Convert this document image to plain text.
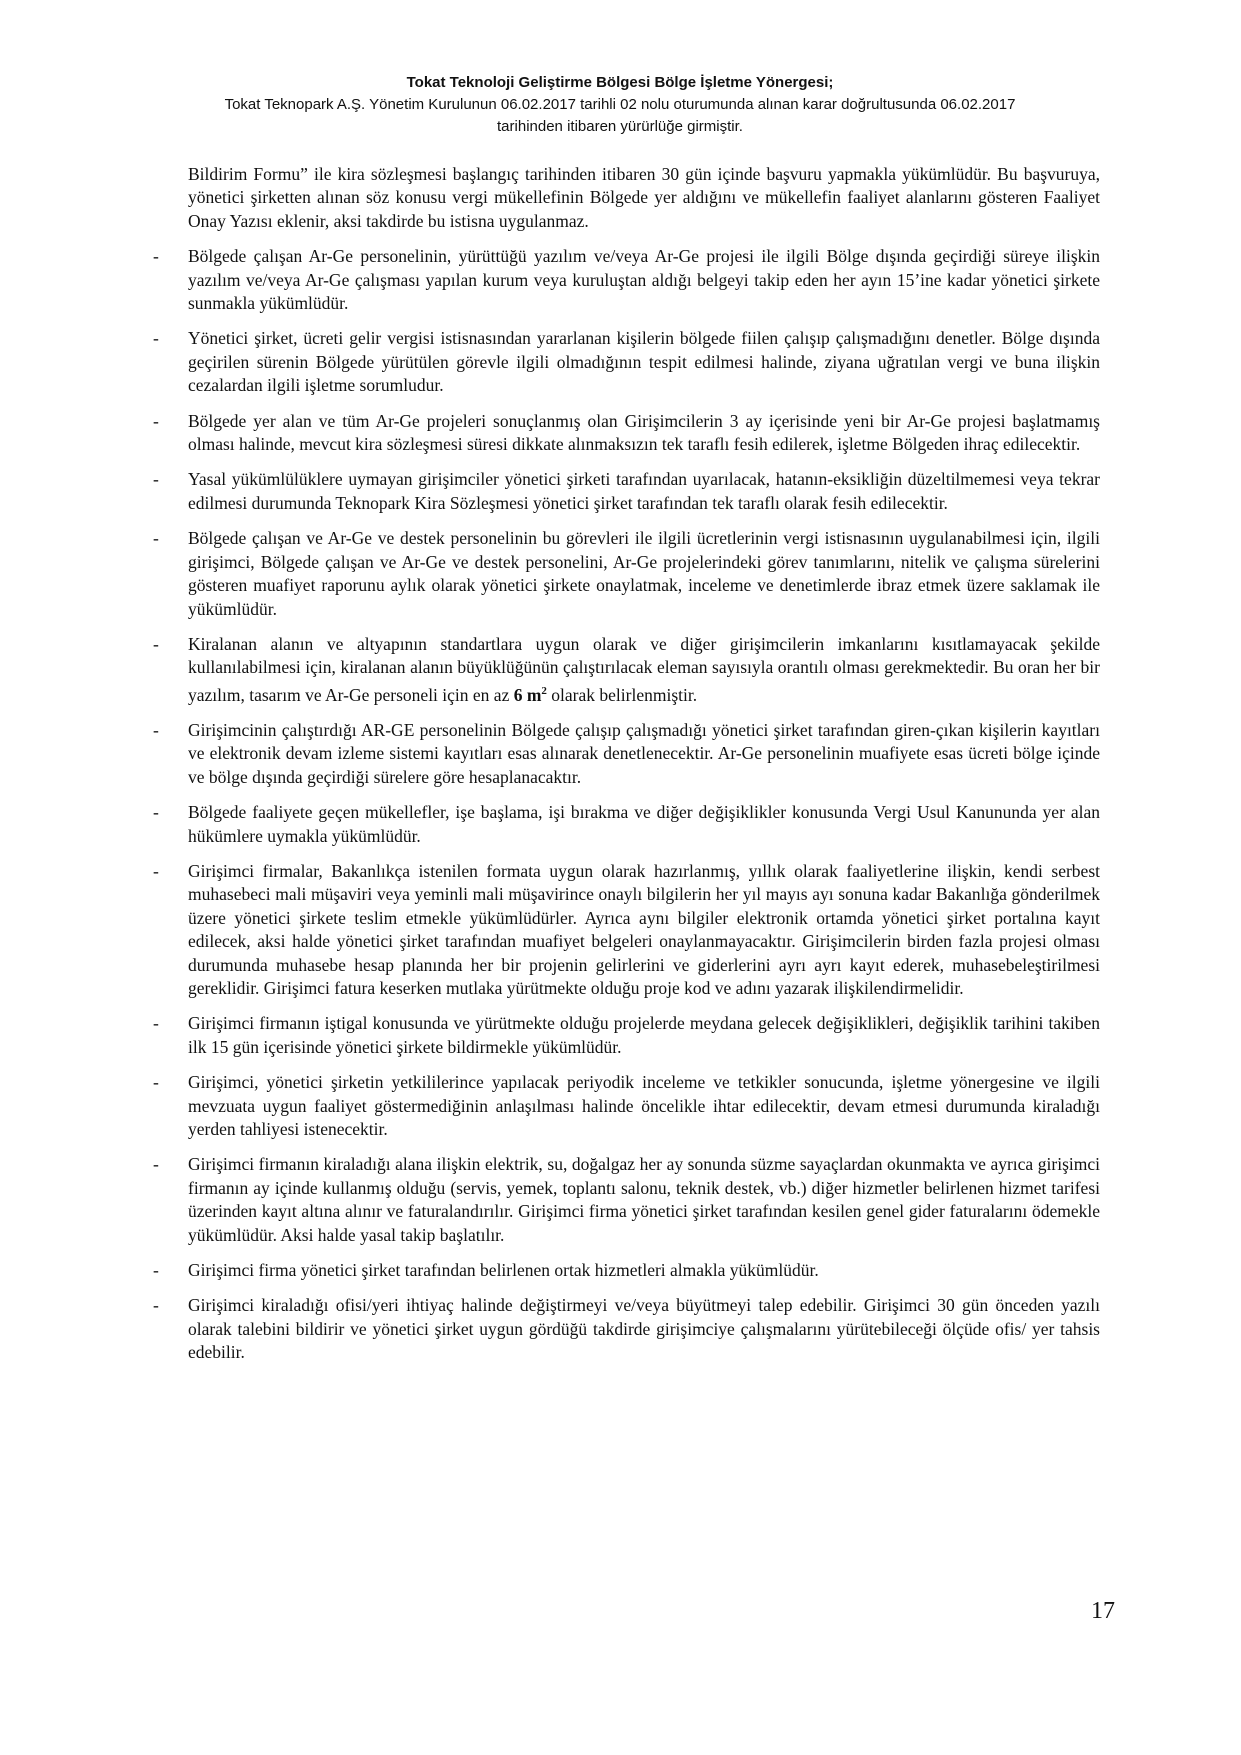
Tokat Teknoloji Geliştirme Bölgesi Bölge İşletme Yönergesi;
Tokat Teknopark A.Ş. Yönetim Kurulunun 06.02.2017 tarihli 02 nolu oturumunda alınan karar doğrultusunda 06.02.2017
tarihinden itibaren yürürlüğe girmiştir.

Bildirim Formu” ile kira sözleşmesi başlangıç tarihinden itibaren 30 gün içinde başvuru yapmakla yükümlüdür. Bu başvuruya, yönetici şirketten alınan söz konusu vergi mükellefinin Bölgede yer aldığını ve mükellefin faaliyet alanlarını gösteren Faaliyet Onay Yazısı eklenir, aksi takdirde bu istisna uygulanmaz.

- Bölgede çalışan Ar-Ge personelinin, yürüttüğü yazılım ve/veya Ar-Ge projesi ile ilgili Bölge dışında geçirdiği süreye ilişkin yazılım ve/veya Ar-Ge çalışması yapılan kurum veya kuruluştan aldığı belgeyi takip eden her ayın 15’ine kadar yönetici şirkete sunmakla yükümlüdür.
- Yönetici şirket, ücreti gelir vergisi istisnasından yararlanan kişilerin bölgede fiilen çalışıp çalışmadığını denetler. Bölge dışında geçirilen sürenin Bölgede yürütülen görevle ilgili olmadığının tespit edilmesi halinde, ziyana uğratılan vergi ve buna ilişkin cezalardan ilgili işletme sorumludur.
- Bölgede yer alan ve tüm Ar-Ge projeleri sonuçlanmış olan Girişimcilerin 3 ay içerisinde yeni bir Ar-Ge projesi başlatmamış olması halinde, mevcut kira sözleşmesi süresi dikkate alınmaksızın tek taraflı fesih edilerek, işletme Bölgeden ihraç edilecektir.
- Yasal yükümlülüklere uymayan girişimciler yönetici şirketi tarafından uyarılacak, hatanın-eksikliğin düzeltilmemesi veya tekrar edilmesi durumunda Teknopark Kira Sözleşmesi yönetici şirket tarafından tek taraflı olarak fesih edilecektir.
- Bölgede çalışan ve Ar-Ge ve destek personelinin bu görevleri ile ilgili ücretlerinin vergi istisnasının uygulanabilmesi için, ilgili girişimci, Bölgede çalışan ve Ar-Ge ve destek personelini, Ar-Ge projelerindeki görev tanımlarını, nitelik ve çalışma sürelerini gösteren muafiyet raporunu aylık olarak yönetici şirkete onaylatmak, inceleme ve denetimlerde ibraz etmek üzere saklamak ile yükümlüdür.
- Kiralanan alanın ve altyapının standartlara uygun olarak ve diğer girişimcilerin imkanlarını kısıtlamayacak şekilde kullanılabilmesi için, kiralanan alanın büyüklüğünün çalıştırılacak eleman sayısıyla orantılı olması gerekmektedir. Bu oran her bir yazılım, tasarım ve Ar-Ge personeli için en az 6 $m^2$ olarak belirlenmiştir.
- Girişimcinin çalıştırdığı AR-GE personelinin Bölgede çalışıp çalışmadığı yönetici şirket tarafından giren-çıkan kişilerin kayıtları ve elektronik devam izleme sistemi kayıtları esas alınarak denetlenecektir. Ar-Ge personelinin muafiyete esas ücreti bölge içinde ve bölge dışında geçirdiği sürelere göre hesaplanacaktır.
- Bölgede faaliyete geçen mükellefler, işe başlama, işi bırakma ve diğer değişiklikler konusunda Vergi Usul Kanununda yer alan hükümlere uymakla yükümlüdür.
- Girişimci firmalar, Bakanlıkça istenilen formata uygun olarak hazırlanmış, yıllık olarak faaliyetlerine ilişkin, kendi serbest muhasebeci mali müşaviri veya yeminli mali müşavirince onaylı bilgilerin her yıl mayıs ayı sonuna kadar Bakanlığa gönderilmek üzere yönetici şirkete teslim etmekle yükümlüdürler. Ayrıca aynı bilgiler elektronik ortamda yönetici şirket portalına kayıt edilecek, aksi halde yönetici şirket tarafından muafiyet belgeleri onaylanmayacaktır. Girişimcilerin birden fazla projesi olması durumunda muhasebe hesap planında her bir projenin gelirlerini ve giderlerini ayrı ayrı kayıt ederek, muhasebeleştirilmesi gereklidir. Girişimci fatura keserken mutlaka yürütmekte olduğu proje kod ve adını yazarak ilişkilendirmelidir.
- Girişimci firmanın iştigal konusunda ve yürütmekte olduğu projelerde meydana gelecek değişiklikleri, değişiklik tarihini takiben ilk 15 gün içerisinde yönetici şirkete bildirmekle yükümlüdür.
- Girişimci, yönetici şirketin yetkililerince yapılacak periyodik inceleme ve tetkikler sonucunda, işletme yönergesine ve ilgili mevzuata uygun faaliyet göstermediğinin anlaşılması halinde öncelikle ihtar edilecektir, devam etmesi durumunda kiraladığı yerden tahliyesi istenecektir.
- Girişimci firmanın kiraladığı alana ilişkin elektrik, su, doğalgaz her ay sonunda süzme sayaçlardan okunmakta ve ayrıca girişimci firmanın ay içinde kullanmış olduğu (servis, yemek, toplantı salonu, teknik destek, vb.) diğer hizmetler belirlenen hizmet tarifesi üzerinden kayıt altına alınır ve faturalandırılır. Girişimci firma yönetici şirket tarafından kesilen genel gider faturalarını ödemekle yükümlüdür. Aksi halde yasal takip başlatılır.
- Girişimci firma yönetici şirket tarafından belirlenen ortak hizmetleri almakla yükümlüdür.
- Girişimci kiraladığı ofisi/yeri ihtiyaç halinde değiştirmeyi ve/veya büyütmeyi talep edebilir. Girişimci 30 gün önceden yazılı olarak talebini bildirir ve yönetici şirket uygun gördüğü takdirde girişimciye çalışmalarını yürütebileceği ölçüde ofis/ yer tahsis edebilir.
17
